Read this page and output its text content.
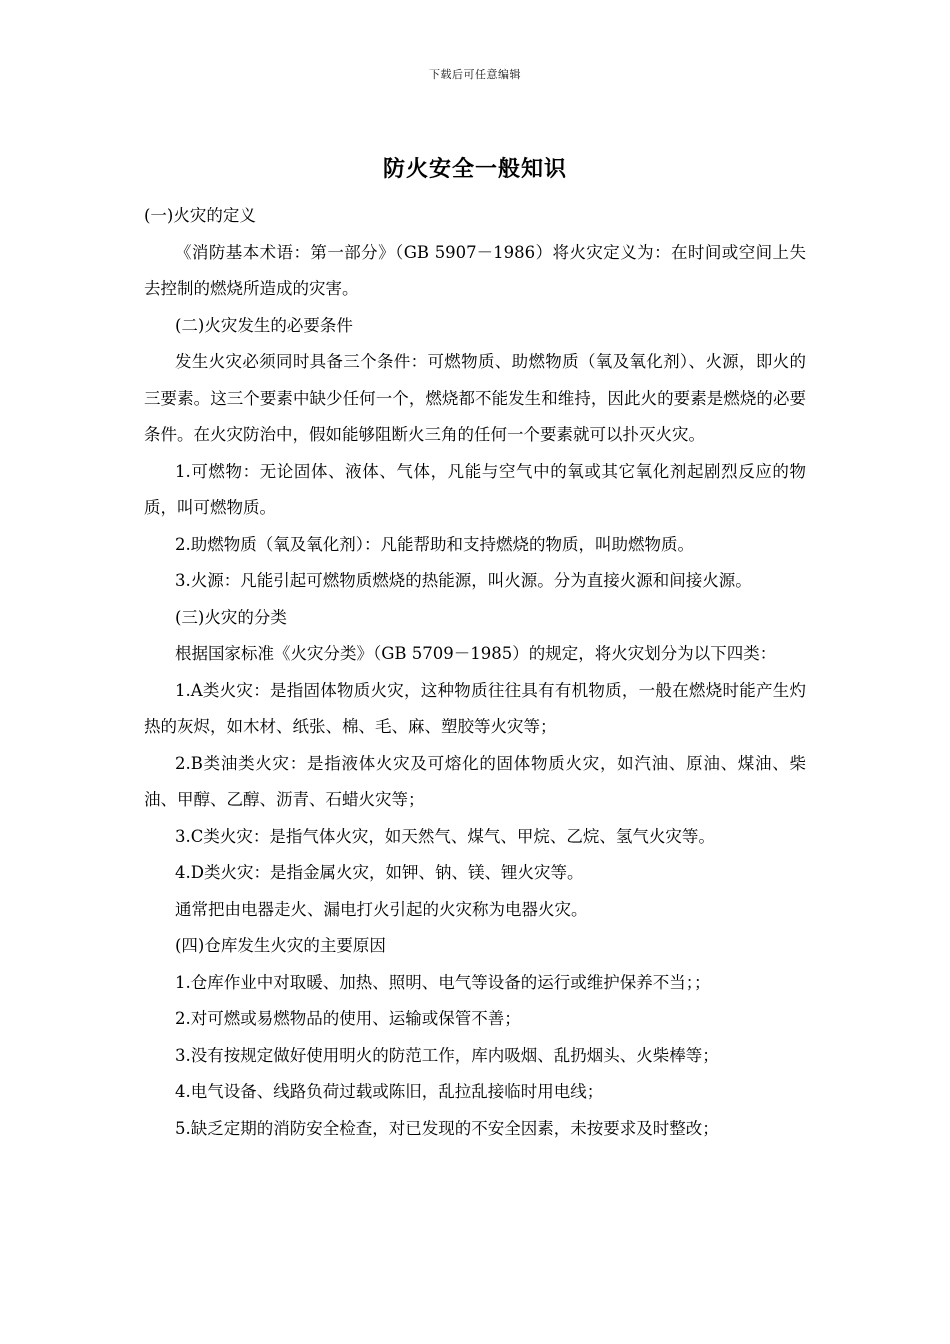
下载后可任意编辑
防火安全一般知识

(一)火灾的定义

《消防基本术语：第一部分》（GB 5907－1986）将火灾定义为：在时间或空间上失去控制的燃烧所造成的灾害。

(二)火灾发生的必要条件

发生火灾必须同时具备三个条件：可燃物质、助燃物质（氧及氧化剂）、火源，即火的三要素。这三个要素中缺少任何一个，燃烧都不能发生和维持，因此火的要素是燃烧的必要条件。在火灾防治中，假如能够阻断火三角的任何一个要素就可以扑灭火灾。

1.可燃物：无论固体、液体、气体，凡能与空气中的氧或其它氧化剂起剧烈反应的物质，叫可燃物质。

2.助燃物质（氧及氧化剂）：凡能帮助和支持燃烧的物质，叫助燃物质。

3.火源：凡能引起可燃物质燃烧的热能源，叫火源。分为直接火源和间接火源。

(三)火灾的分类

根据国家标准《火灾分类》（GB 5709－1985）的规定，将火灾划分为以下四类：

1.A类火灾：是指固体物质火灾，这种物质往往具有有机物质，一般在燃烧时能产生灼热的灰烬，如木材、纸张、棉、毛、麻、塑胶等火灾等；

2.B类油类火灾：是指液体火灾及可熔化的固体物质火灾，如汽油、原油、煤油、柴油、甲醇、乙醇、沥青、石蜡火灾等；

3.C类火灾：是指气体火灾，如天然气、煤气、甲烷、乙烷、氢气火灾等。

4.D类火灾：是指金属火灾，如钾、钠、镁、锂火灾等。

通常把由电器走火、漏电打火引起的火灾称为电器火灾。

(四)仓库发生火灾的主要原因

1.仓库作业中对取暖、加热、照明、电气等设备的运行或维护保养不当；；

2.对可燃或易燃物品的使用、运输或保管不善；

3.没有按规定做好使用明火的防范工作，库内吸烟、乱扔烟头、火柴棒等；

4.电气设备、线路负荷过载或陈旧，乱拉乱接临时用电线；

5.缺乏定期的消防安全检查，对已发现的不安全因素，未按要求及时整改；
